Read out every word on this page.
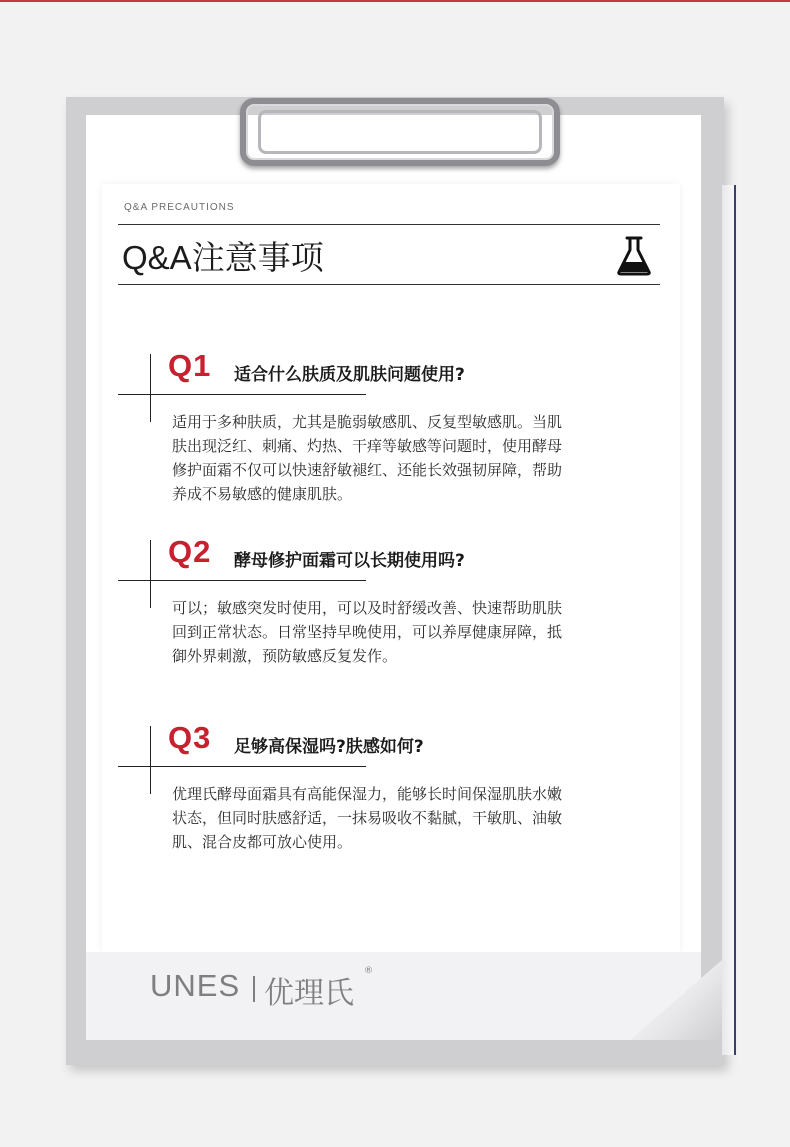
Q&A PRECAUTIONS
Q&A注意事项
Q1 适合什么肤质及肌肤问题使用?
适用于多种肤质，尤其是脆弱敏感肌、反复型敏感肌。当肌
肤出现泛红、刺痛、灼热、干痒等敏感等问题时，使用酵母
修护面霜不仅可以快速舒敏褪红、还能长效强韧屏障，帮助
养成不易敏感的健康肌肤。
Q2 酵母修护面霜可以长期使用吗?
可以；敏感突发时使用，可以及时舒缓改善、快速帮助肌肤
回到正常状态。日常坚持早晚使用，可以养厚健康屏障，抵
御外界刺激，预防敏感反复发作。
Q3 足够高保湿吗?肤感如何?
优理氏酵母面霜具有高能保湿力，能够长时间保湿肌肤水嫩
状态，但同时肤感舒适，一抹易吸收不黏腻，干敏肌、油敏
肌、混合皮都可放心使用。
UNES 优理氏
®
